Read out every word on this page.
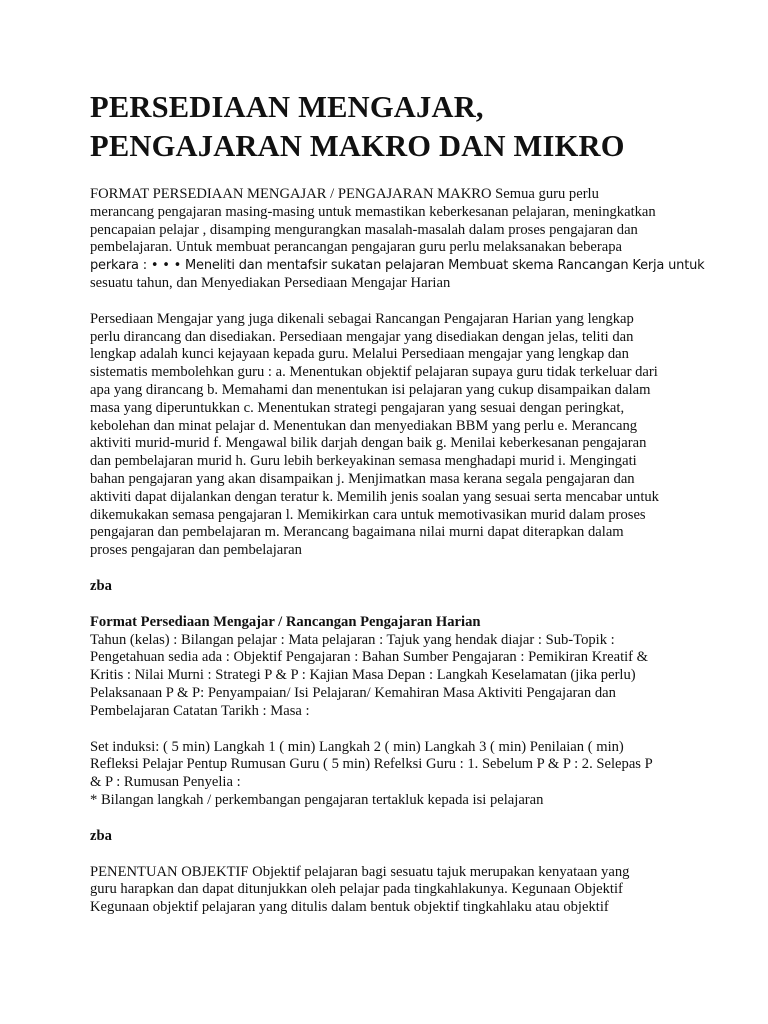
PERSEDIAAN MENGAJAR,
PENGAJARAN MAKRO DAN MIKRO

FORMAT PERSEDIAAN MENGAJAR / PENGAJARAN MAKRO Semua guru perlu
merancang pengajaran masing-masing untuk memastikan keberkesanan pelajaran, meningkatkan
pencapaian pelajar , disamping mengurangkan masalah-masalah dalam proses pengajaran dan
pembelajaran. Untuk membuat perancangan pengajaran guru perlu melaksanakan beberapa
perkara : • • • Meneliti dan mentafsir sukatan pelajaran Membuat skema Rancangan Kerja untuk
sesuatu tahun, dan Menyediakan Persediaan Mengajar Harian

Persediaan Mengajar yang juga dikenali sebagai Rancangan Pengajaran Harian yang lengkap
perlu dirancang dan disediakan. Persediaan mengajar yang disediakan dengan jelas, teliti dan
lengkap adalah kunci kejayaan kepada guru. Melalui Persediaan mengajar yang lengkap dan
sistematis membolehkan guru : a. Menentukan objektif pelajaran supaya guru tidak terkeluar dari
apa yang dirancang b. Memahami dan menentukan isi pelajaran yang cukup disampaikan dalam
masa yang diperuntukkan c. Menentukan strategi pengajaran yang sesuai dengan peringkat,
kebolehan dan minat pelajar d. Menentukan dan menyediakan BBM yang perlu e. Merancang
aktiviti murid-murid f. Mengawal bilik darjah dengan baik g. Menilai keberkesanan pengajaran
dan pembelajaran murid h. Guru lebih berkeyakinan semasa menghadapi murid i. Mengingati
bahan pengajaran yang akan disampaikan j. Menjimatkan masa kerana segala pengajaran dan
aktiviti dapat dijalankan dengan teratur k. Memilih jenis soalan yang sesuai serta mencabar untuk
dikemukakan semasa pengajaran l. Memikirkan cara untuk memotivasikan murid dalam proses
pengajaran dan pembelajaran m. Merancang bagaimana nilai murni dapat diterapkan dalam
proses pengajaran dan pembelajaran

zba

Format Persediaan Mengajar / Rancangan Pengajaran Harian
Tahun (kelas) : Bilangan pelajar : Mata pelajaran : Tajuk yang hendak diajar : Sub-Topik :
Pengetahuan sedia ada : Objektif Pengajaran : Bahan Sumber Pengajaran : Pemikiran Kreatif &
Kritis : Nilai Murni : Strategi P & P : Kajian Masa Depan : Langkah Keselamatan (jika perlu)
Pelaksanaan P & P: Penyampaian/ Isi Pelajaran/ Kemahiran Masa Aktiviti Pengajaran dan
Pembelajaran Catatan Tarikh : Masa :

Set induksi: ( 5 min) Langkah 1 ( min) Langkah 2 ( min) Langkah 3 ( min) Penilaian ( min)
Refleksi Pelajar Pentup Rumusan Guru ( 5 min) Refelksi Guru : 1. Sebelum P & P : 2. Selepas P
& P : Rumusan Penyelia :
* Bilangan langkah / perkembangan pengajaran tertakluk kepada isi pelajaran

zba

PENENTUAN OBJEKTIF Objektif pelajaran bagi sesuatu tajuk merupakan kenyataan yang
guru harapkan dan dapat ditunjukkan oleh pelajar pada tingkahlakunya. Kegunaan Objektif
Kegunaan objektif pelajaran yang ditulis dalam bentuk objektif tingkahlaku atau objektif
